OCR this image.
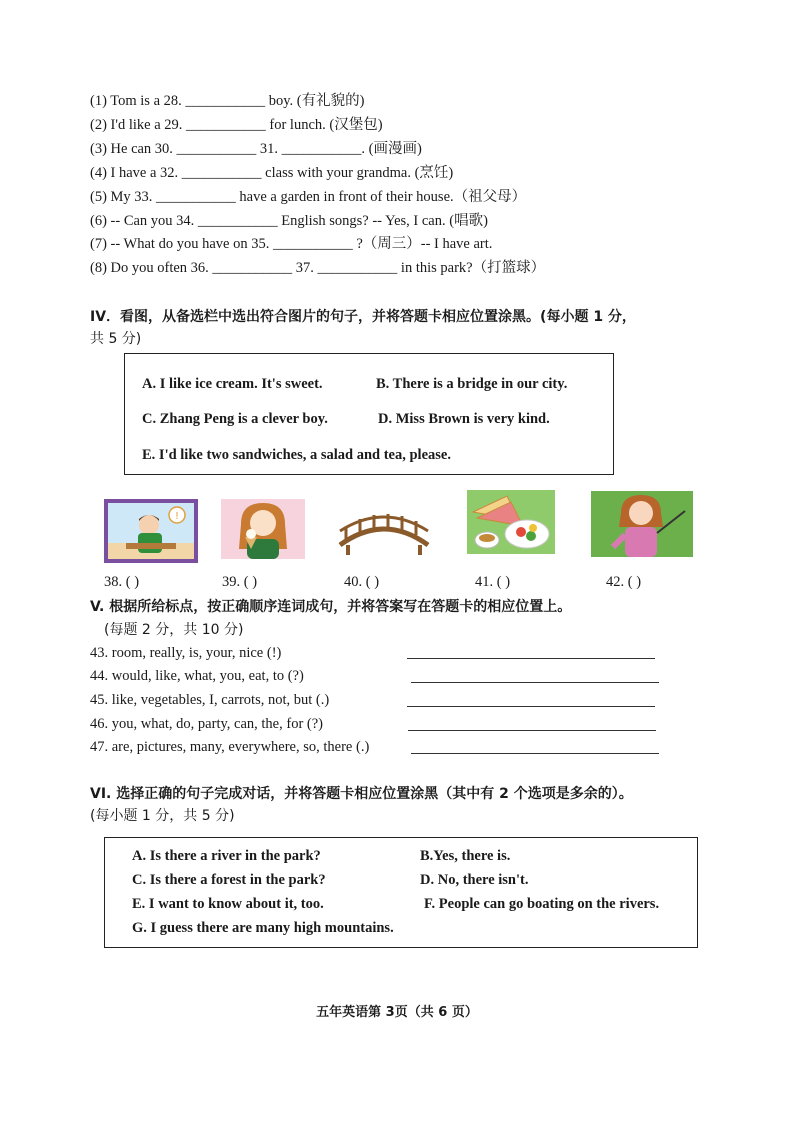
(1) Tom is a 28. ___________ boy. (有礼貌的)
(2) I'd like a 29. ___________ for lunch. (汉堡包)
(3) He can 30. ___________ 31. ___________. (画漫画)
(4) I have a 32. ___________ class with your grandma. (烹饪)
(5) My 33. ___________ have a garden in front of their house.（祖父母）
(6) -- Can you 34. ___________ English songs? -- Yes, I can. (唱歌)
(7) -- What do you have on 35. ___________ ?（周三）-- I have art.
(8) Do you often 36. ___________ 37. ___________ in this park?（打篮球）
IV．看图，从备选栏中选出符合图片的句子，并将答题卡相应位置涂黑。(每小题 1 分，
共 5 分)
A. I like ice cream. It's sweet.	B. There is a bridge in our city.
C. Zhang Peng is a clever boy.	D. Miss Brown is very kind.
E. I'd like two sandwiches, a salad and tea, please.
!
38. ( )	39. ( )	40. ( )	41. ( )	42. ( )
V. 根据所给标点，按正确顺序连词成句，并将答案写在答题卡的相应位置上。
(每题 2 分，共 10 分)
43. room, really, is, your, nice (!)
44. would, like, what, you, eat, to (?)
45. like, vegetables, I, carrots, not, but (.)
46. you, what, do, party, can, the, for (?)
47. are, pictures, many, everywhere, so, there (.)
VI. 选择正确的句子完成对话，并将答题卡相应位置涂黑（其中有 2 个选项是多余的）。
(每小题 1 分，共 5 分)
A. Is there a river in the park?	B.Yes, there is.
C. Is there a forest in the park?	D. No, there isn't.
E. I want to know about it, too.	F. People can go boating on the rivers.
G. I guess there are many high mountains.
五年英语第 3页（共 6 页）
